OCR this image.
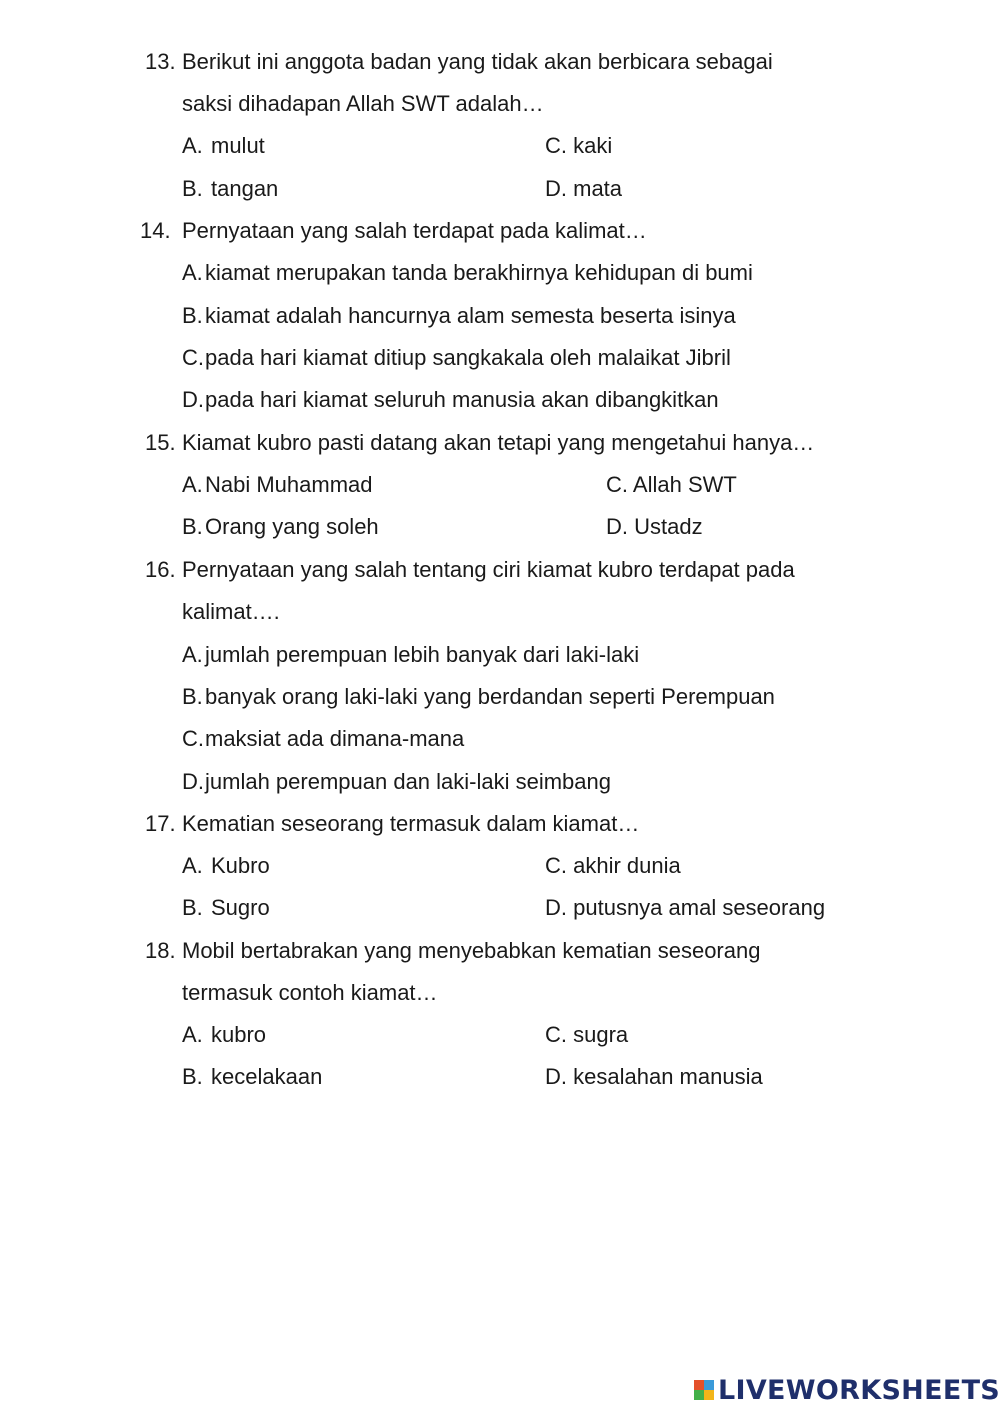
13. Berikut ini anggota badan yang tidak akan berbicara sebagai
saksi dihadapan Allah SWT adalah…
A. mulut	C. kaki
B. tangan	D. mata
14. Pernyataan yang salah terdapat pada kalimat…
A. kiamat merupakan tanda berakhirnya kehidupan di bumi
B. kiamat adalah hancurnya alam semesta beserta isinya
C. pada hari kiamat ditiup sangkakala oleh malaikat Jibril
D. pada hari kiamat seluruh manusia akan dibangkitkan
15. Kiamat kubro pasti datang akan tetapi yang mengetahui hanya…
A. Nabi Muhammad	C. Allah SWT
B. Orang yang soleh	D. Ustadz
16. Pernyataan yang salah tentang ciri kiamat kubro terdapat pada
kalimat….
A. jumlah perempuan lebih banyak dari laki-laki
B. banyak orang laki-laki yang berdandan seperti Perempuan
C. maksiat ada dimana-mana
D. jumlah perempuan dan laki-laki seimbang
17. Kematian seseorang termasuk dalam kiamat…
A. Kubro	C. akhir dunia
B. Sugro	D. putusnya amal seseorang
18. Mobil bertabrakan yang menyebabkan kematian seseorang
termasuk contoh kiamat…
A. kubro	C. sugra
B. kecelakaan	D. kesalahan manusia
LIVEWORKSHEETS
